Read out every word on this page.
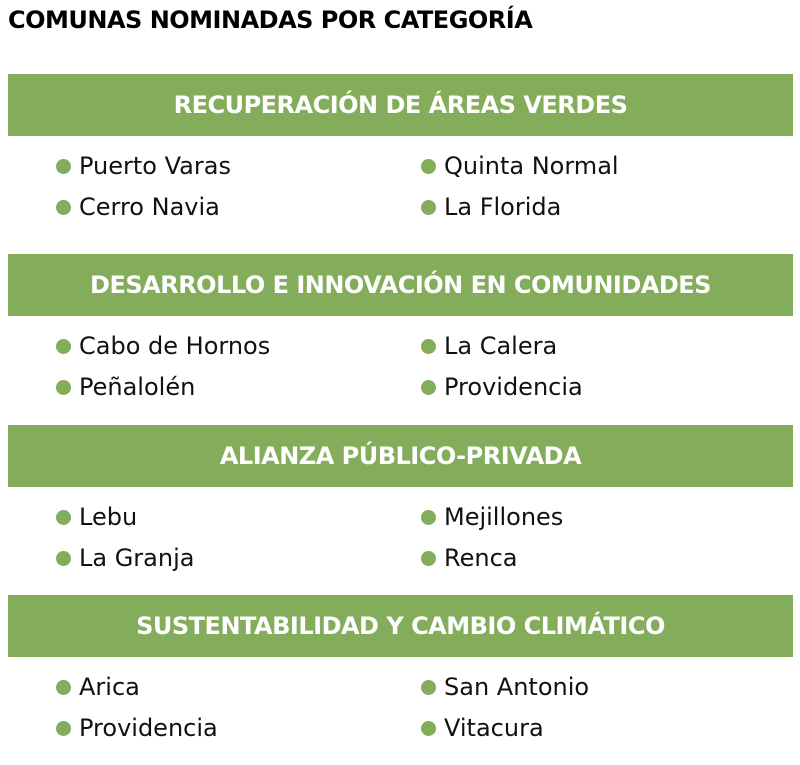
COMUNAS NOMINADAS POR CATEGORÍA
RECUPERACIÓN DE ÁREAS VERDES
Puerto Varas	Quinta Normal
Cerro Navia	La Florida
DESARROLLO E INNOVACIÓN EN COMUNIDADES
Cabo de Hornos	La Calera
Peñalolén	Providencia
ALIANZA PÚBLICO-PRIVADA
Lebu	Mejillones
La Granja	Renca
SUSTENTABILIDAD Y CAMBIO CLIMÁTICO
Arica	San Antonio
Providencia	Vitacura
